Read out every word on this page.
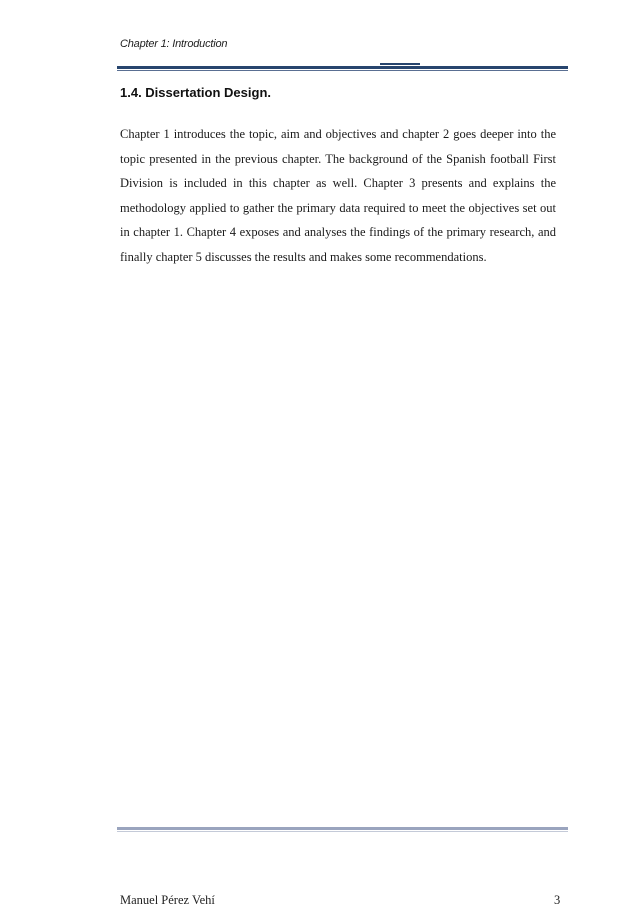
Chapter 1: Introduction
1.4. Dissertation Design.

Chapter 1 introduces the topic, aim and objectives and chapter 2 goes deeper into the topic presented in the previous chapter. The background of the Spanish football First Division is included in this chapter as well. Chapter 3 presents and explains the methodology applied to gather the primary data required to meet the objectives set out in chapter 1. Chapter 4 exposes and analyses the findings of the primary research, and finally chapter 5 discusses the results and makes some recommendations.

Manuel Pérez Vehí	3
